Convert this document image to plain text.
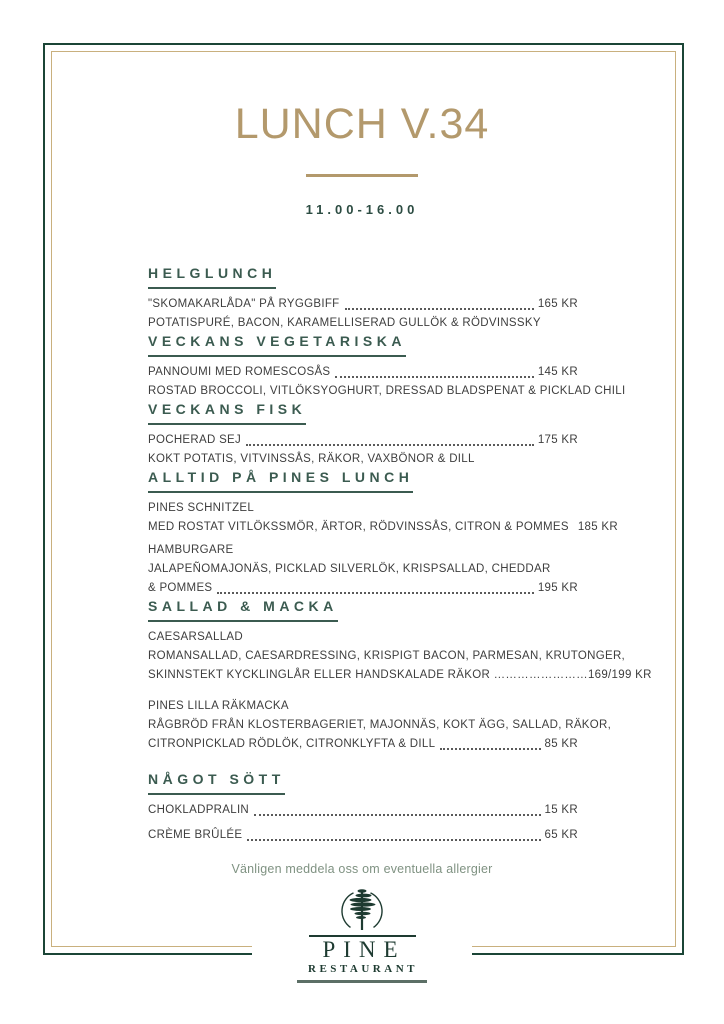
LUNCH V.34
11.00-16.00
HELGLUNCH
"SKOMAKARLÅDA" PÅ RYGGBIFF	165 KR
POTATISPURÉ, BACON, KARAMELLISERAD GULLÖK & RÖDVINSSKY
VECKANS VEGETARISKA
PANNOUMI MED ROMESCOSÅS	145 KR
ROSTAD BROCCOLI, VITLÖKSYOGHURT, DRESSAD BLADSPENAT & PICKLAD CHILI
VECKANS FISK
POCHERAD SEJ	175 KR
KOKT POTATIS, VITVINSSÅS, RÄKOR, VAXBÖNOR & DILL
ALLTID PÅ PINES LUNCH
PINES SCHNITZEL
MED ROSTAT VITLÖKSSMÖR, ÄRTOR, RÖDVINSSÅS, CITRON & POMMES 185 KR
HAMBURGARE
JALAPEÑOMAJONÄS, PICKLAD SILVERLÖK, KRISPSALLAD, CHEDDAR
& POMMES	195 KR
SALLAD & MACKA
CAESARSALLAD
ROMANSALLAD, CAESARDRESSING, KRISPIGT BACON, PARMESAN, KRUTONGER,
SKINNSTEKT KYCKLINGLÅR ELLER HANDSKALADE RÄKOR ……………………169/199 KR
PINES LILLA RÄKMACKA
RÅGBRÖD FRÅN KLOSTERBAGERIET, MAJONNÄS, KOKT ÄGG, SALLAD, RÄKOR,
CITRONPICKLAD RÖDLÖK, CITRONKLYFTA & DILL	85 KR
NÅGOT SÖTT
CHOKLADPRALIN	15 KR
CRÈME BRÛLÉE	65 KR
Vänligen meddela oss om eventuella allergier
PINE
RESTAURANT
